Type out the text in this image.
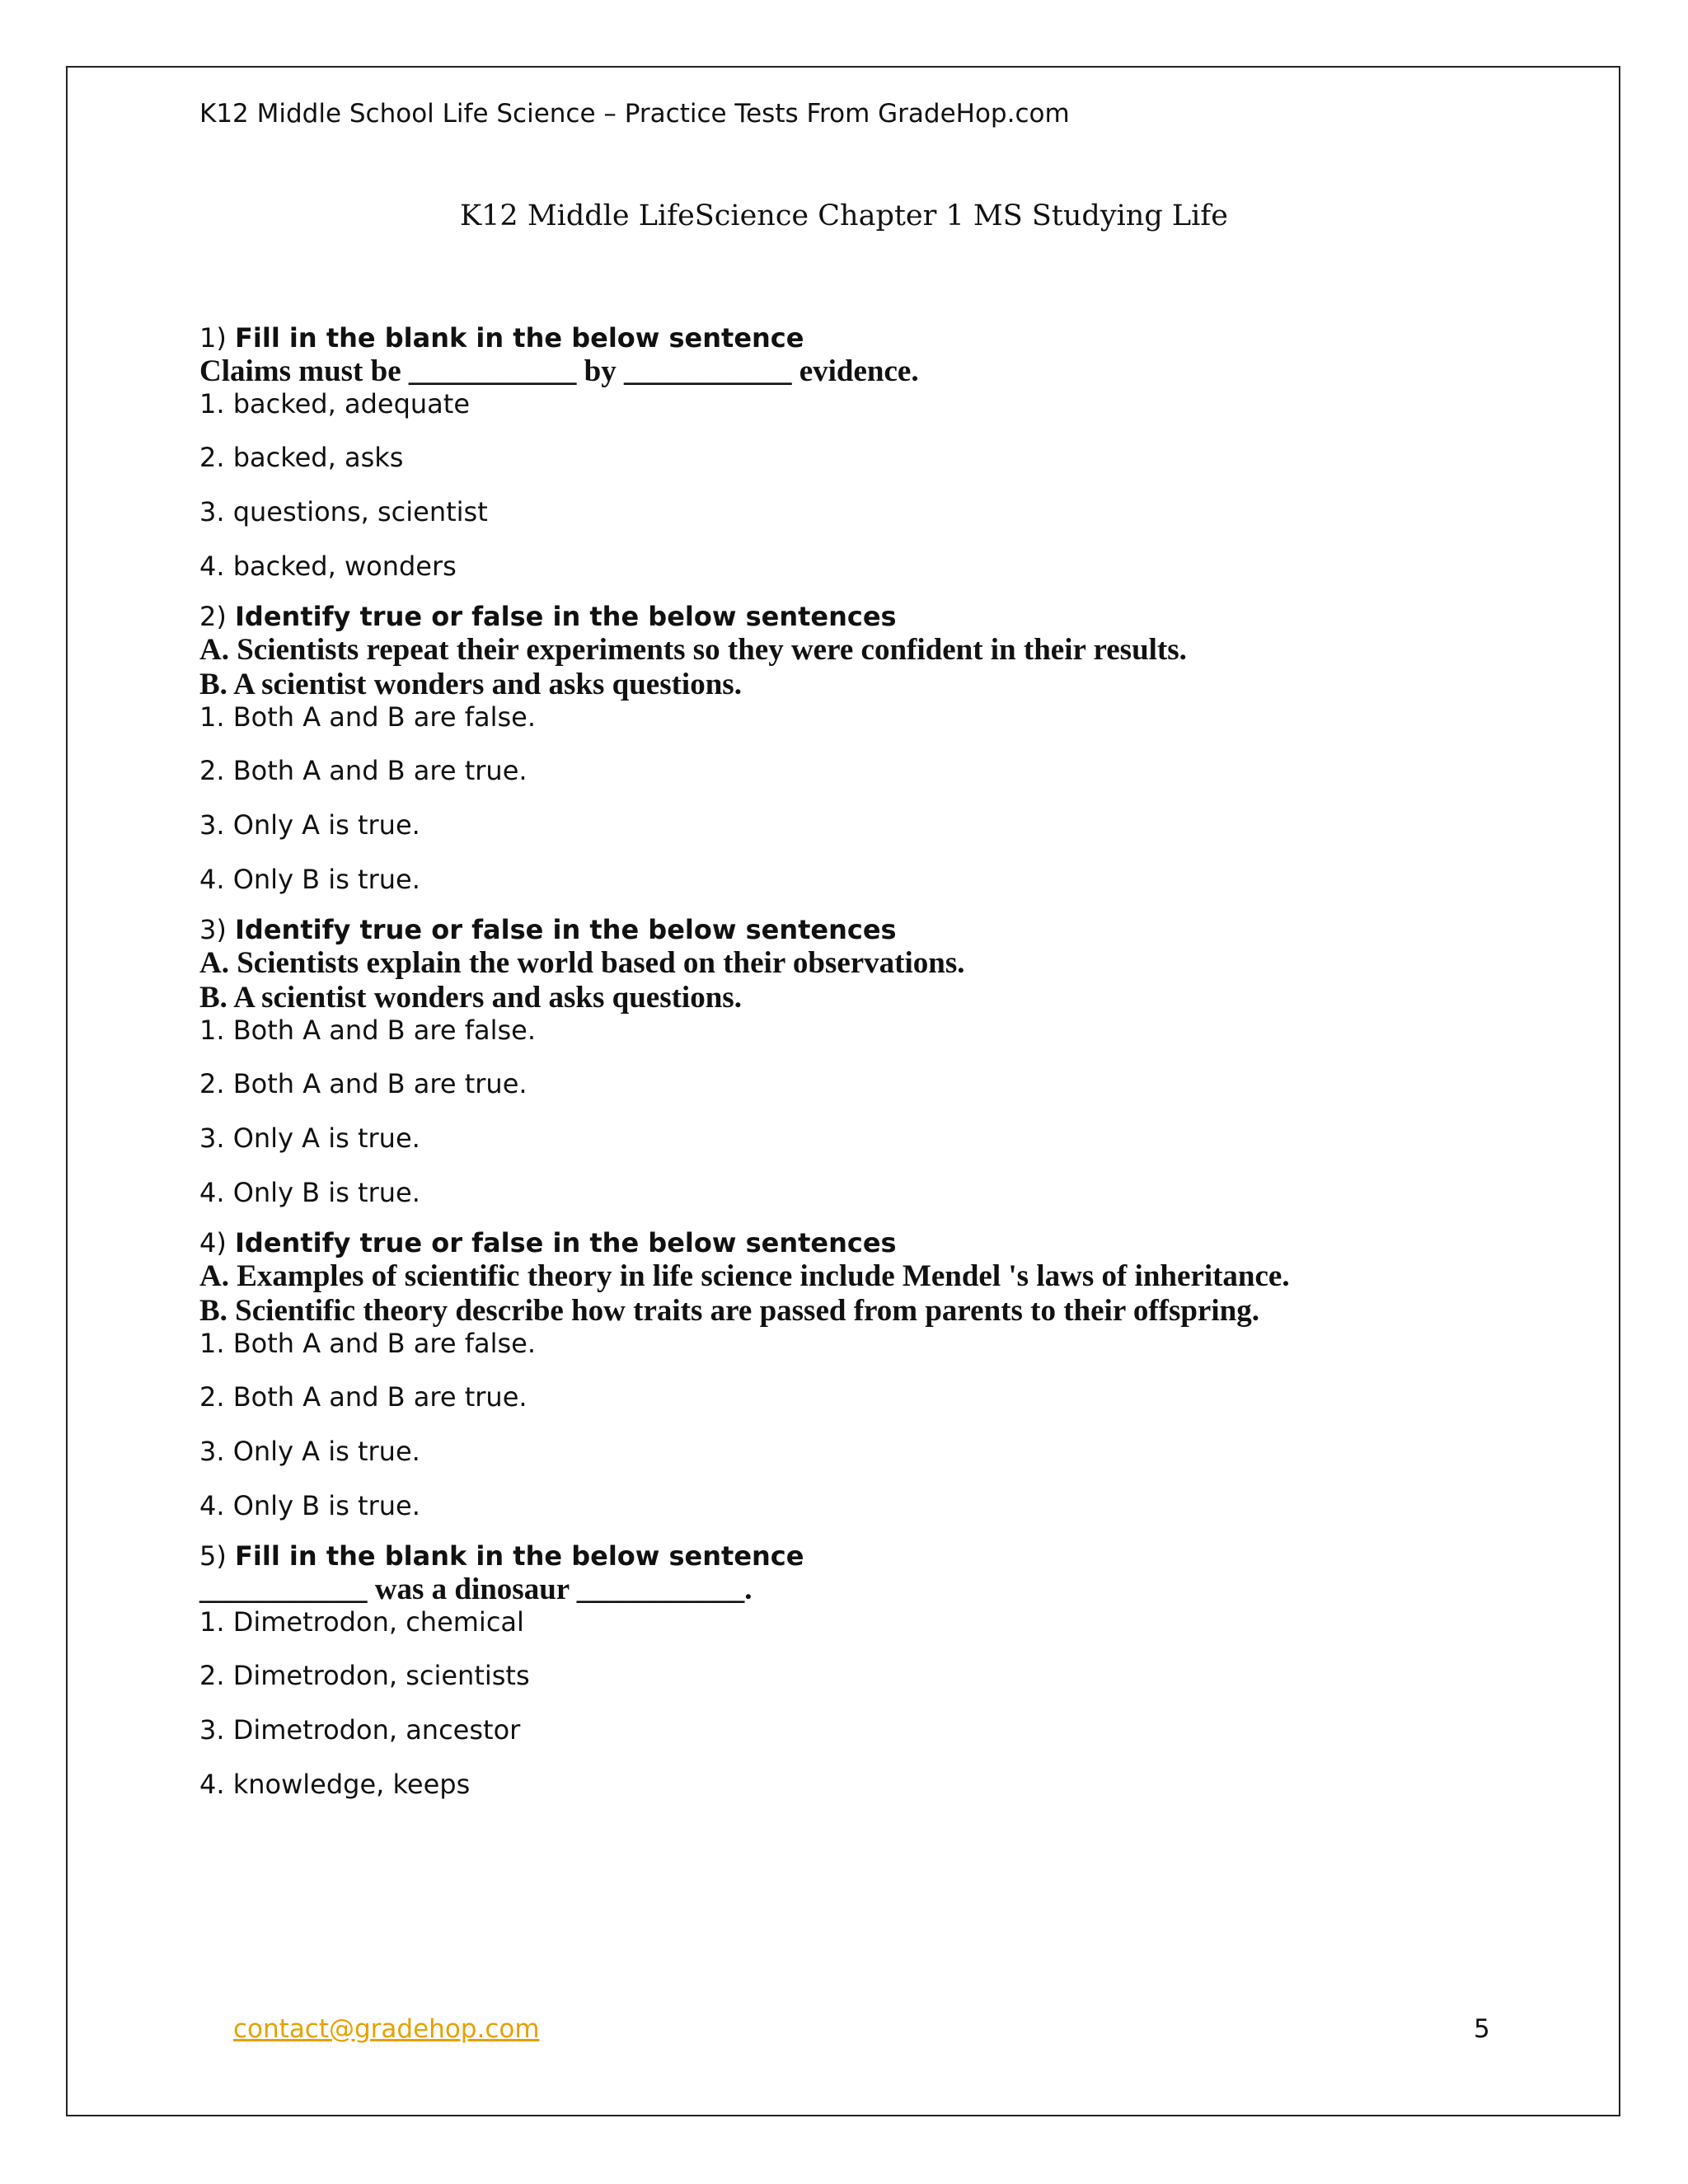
K12 Middle School Life Science – Practice Tests From GradeHop.com
K12 Middle LifeScience Chapter 1 MS Studying Life
1) Fill in the blank in the below sentence
Claims must be ___________ by ___________ evidence.
1. backed, adequate
2. backed, asks
3. questions, scientist
4. backed, wonders
2) Identify true or false in the below sentences
A. Scientists repeat their experiments so they were confident in their results.
B. A scientist wonders and asks questions.
1. Both A and B are false.
2. Both A and B are true.
3. Only A is true.
4. Only B is true.
3) Identify true or false in the below sentences
A. Scientists explain the world based on their observations.
B. A scientist wonders and asks questions.
1. Both A and B are false.
2. Both A and B are true.
3. Only A is true.
4. Only B is true.
4) Identify true or false in the below sentences
A. Examples of scientific theory in life science include Mendel 's laws of inheritance.
B. Scientific theory describe how traits are passed from parents to their offspring.
1. Both A and B are false.
2. Both A and B are true.
3. Only A is true.
4. Only B is true.
5) Fill in the blank in the below sentence
___________ was a dinosaur ___________.
1. Dimetrodon, chemical
2. Dimetrodon, scientists
3. Dimetrodon, ancestor
4. knowledge, keeps
contact@gradehop.com	5
